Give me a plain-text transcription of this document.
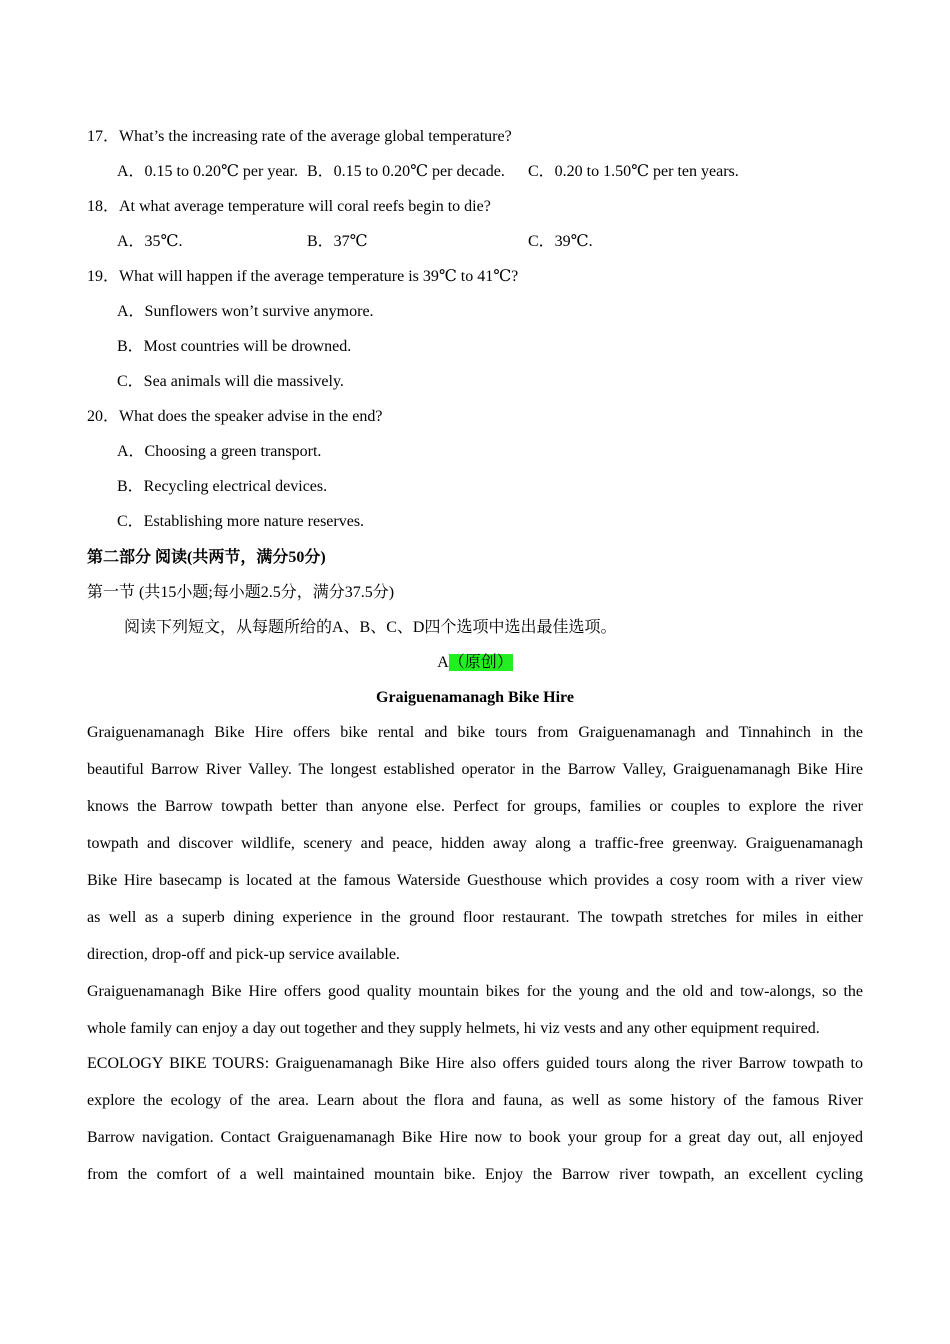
17．What’s the increasing rate of the average global temperature?
A．0.15 to 0.20℃ per year. B．0.15 to 0.20℃ per decade. C．0.20 to 1.50℃ per ten years.
18．At what average temperature will coral reefs begin to die?
A．35℃.	B．37℃	C．39℃.
19．What will happen if the average temperature is 39℃ to 41℃?
A．Sunflowers won’t survive anymore.
B．Most countries will be drowned.
C．Sea animals will die massively.
20．What does the speaker advise in the end?
A．Choosing a green transport.
B．Recycling electrical devices.
C．Establishing more nature reserves.
第二部分 阅读(共两节，满分50分)
第一节 (共15小题;每小题2.5分，满分37.5分)
阅读下列短文，从每题所给的A、B、C、D四个选项中选出最佳选项。
A（原创）
Graiguenamanagh Bike Hire
Graiguenamanagh Bike Hire offers bike rental and bike tours from Graiguenamanagh and Tinnahinch in the
beautiful Barrow River Valley. The longest established operator in the Barrow Valley, Graiguenamanagh Bike Hire
knows the Barrow towpath better than anyone else. Perfect for groups, families or couples to explore the river
towpath and discover wildlife, scenery and peace, hidden away along a traffic-free greenway. Graiguenamanagh
Bike Hire basecamp is located at the famous Waterside Guesthouse which provides a cosy room with a river view
as well as a superb dining experience in the ground floor restaurant. The towpath stretches for miles in either
direction, drop-off and pick-up service available.
Graiguenamanagh Bike Hire offers good quality mountain bikes for the young and the old and tow-alongs, so the
whole family can enjoy a day out together and they supply helmets, hi viz vests and any other equipment required.
ECOLOGY BIKE TOURS: Graiguenamanagh Bike Hire also offers guided tours along the river Barrow towpath to
explore the ecology of the area. Learn about the flora and fauna, as well as some history of the famous River
Barrow navigation. Contact Graiguenamanagh Bike Hire now to book your group for a great day out, all enjoyed
from the comfort of a well maintained mountain bike. Enjoy the Barrow river towpath, an excellent cycling
